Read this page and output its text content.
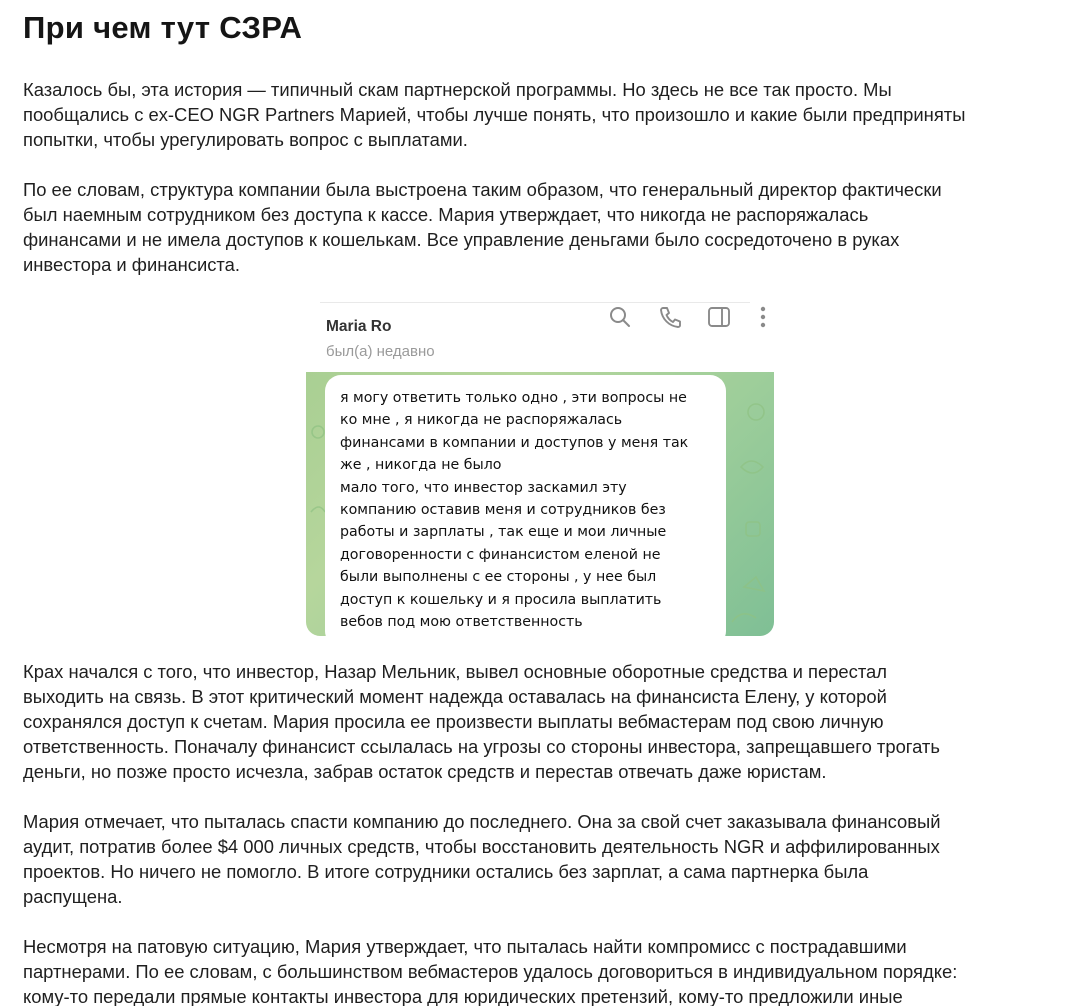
При чем тут СЗРА

Казалось бы, эта история — типичный скам партнерской программы. Но здесь не все так просто. Мы
пообщались с ex-CEO NGR Partners Марией, чтобы лучше понять, что произошло и какие были предприняты
попытки, чтобы урегулировать вопрос с выплатами.

По ее словам, структура компании была выстроена таким образом, что генеральный директор фактически
был наемным сотрудником без доступа к кассе. Мария утверждает, что никогда не распоряжалась
финансами и не имела доступов к кошелькам. Все управление деньгами было сосредоточено в руках
инвестора и финансиста.

Крах начался с того, что инвестор, Назар Мельник, вывел основные оборотные средства и перестал
выходить на связь. В этот критический момент надежда оставалась на финансиста Елену, у которой
сохранялся доступ к счетам. Мария просила ее произвести выплаты вебмастерам под свою личную
ответственность. Поначалу финансист ссылалась на угрозы со стороны инвестора, запрещавшего трогать
деньги, но позже просто исчезла, забрав остаток средств и перестав отвечать даже юристам.

Мария отмечает, что пыталась спасти компанию до последнего. Она за свой счет заказывала финансовый
аудит, потратив более $4 000 личных средств, чтобы восстановить деятельность NGR и аффилированных
проектов. Но ничего не помогло. В итоге сотрудники остались без зарплат, а сама партнерка была
распущена.

Несмотря на патовую ситуацию, Мария утверждает, что пыталась найти компромисс с пострадавшими
партнерами. По ее словам, с большинством вебмастеров удалось договориться в индивидуальном порядке:
кому-то передали прямые контакты инвестора для юридических претензий, кому-то предложили иные

Maria Ro
был(а) недавно
я могу ответить только одно , эти вопросы не
ко мне , я никогда не распоряжалась
финансами в компании и доступов у меня так
же , никогда не было
мало того, что инвестор заскамил эту
компанию оставив меня и сотрудников без
работы и зарплаты , так еще и мои личные
договоренности с финансистом еленой не
были выполнены с ее стороны , у нее был
доступ к кошельку и я просила выплатить
вебов под мою ответственность
